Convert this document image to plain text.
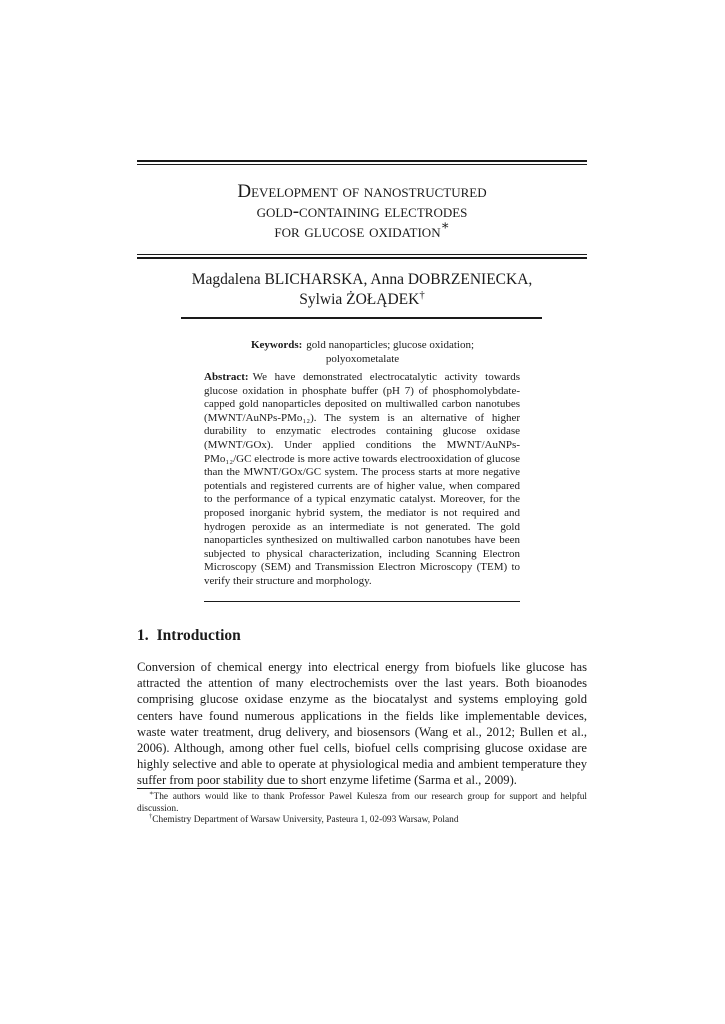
Development of nanostructured
gold-containing electrodes
for glucose oxidation∗
Magdalena BLICHARSKA, Anna DOBRZENIECKA,
Sylwia ŻOŁĄDEK†
Keywords: gold nanoparticles; glucose oxidation;
polyoxometalate
Abstract: We have demonstrated electrocatalytic activity towards glucose oxidation in phosphate buffer (pH 7) of phosphomolybdate-capped gold nanoparticles deposited on multiwalled carbon nanotubes (MWNT/AuNPs-PMo₁₂). The system is an alternative of higher durability to enzymatic electrodes containing glucose oxidase (MWNT/GOx). Under applied conditions the MWNT/AuNPs-PMo₁₂/GC electrode is more active towards electrooxidation of glucose than the MWNT/GOx/GC system. The process starts at more negative potentials and registered currents are of higher value, when compared to the performance of a typical enzymatic catalyst. Moreover, for the proposed inorganic hybrid system, the mediator is not required and hydrogen peroxide as an intermediate is not generated. The gold nanoparticles synthesized on multiwalled carbon nanotubes have been subjected to physical characterization, including Scanning Electron Microscopy (SEM) and Transmission Electron Microscopy (TEM) to verify their structure and morphology.
1. Introduction
Conversion of chemical energy into electrical energy from biofuels like glucose has attracted the attention of many electrochemists over the last years. Both bioanodes comprising glucose oxidase enzyme as the biocatalyst and systems employing gold centers have found numerous applications in the fields like implementable devices, waste water treatment, drug delivery, and biosensors (Wang et al., 2012; Bullen et al., 2006). Although, among other fuel cells, biofuel cells comprising glucose oxidase are highly selective and able to operate at physiological media and ambient temperature they suffer from poor stability due to short enzyme lifetime (Sarma et al., 2009).
∗The authors would like to thank Professor Pawel Kulesza from our research group for support and helpful discussion.
†Chemistry Department of Warsaw University, Pasteura 1, 02-093 Warsaw, Poland
